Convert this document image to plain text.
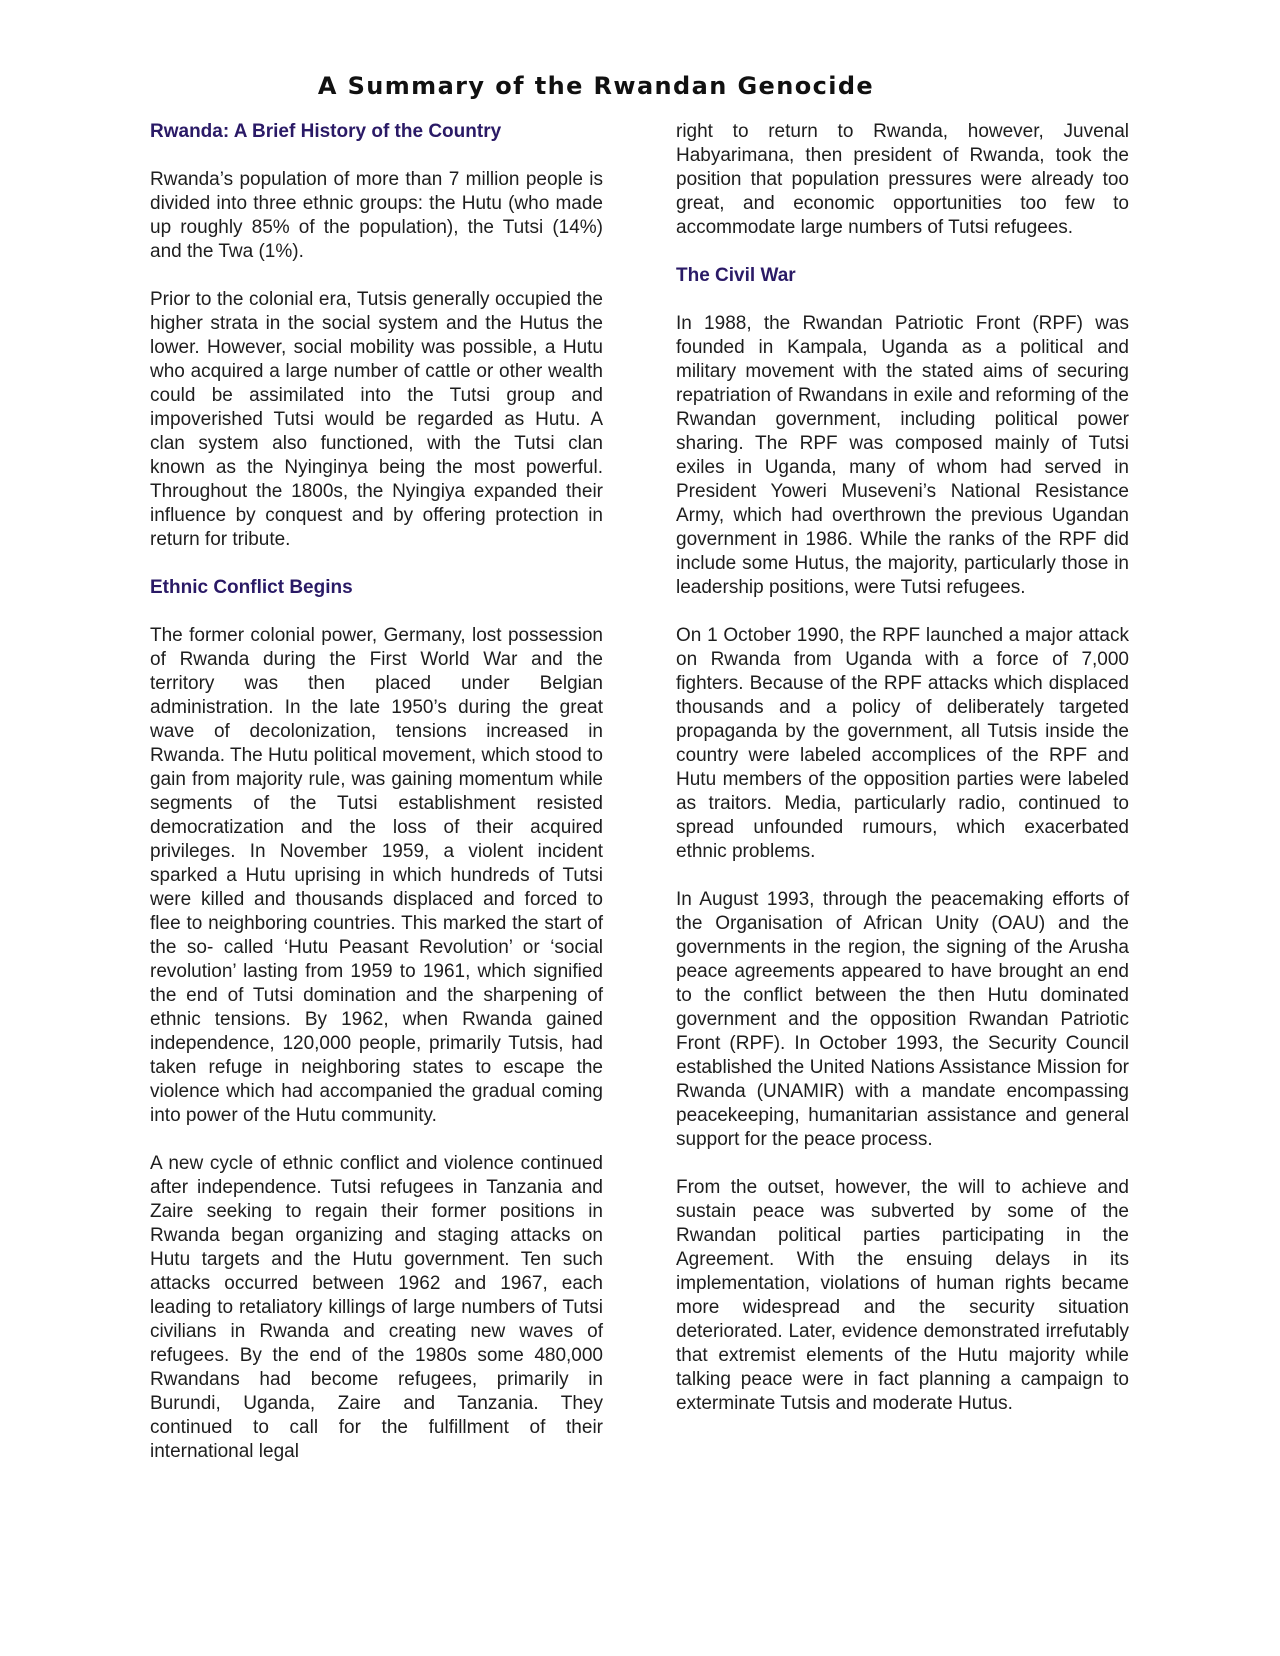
A Summary of the Rwandan Genocide
Rwanda: A Brief History of the Country

Rwanda’s population of more than 7 million people is divided into three ethnic groups: the Hutu (who made up roughly 85% of the population), the Tutsi (14%) and the Twa (1%).

Prior to the colonial era, Tutsis generally occupied the higher strata in the social system and the Hutus the lower. However, social mobility was possible, a Hutu who acquired a large number of cattle or other wealth could be assimilated into the Tutsi group and impoverished Tutsi would be regarded as Hutu. A clan system also functioned, with the Tutsi clan known as the Nyinginya being the most powerful. Throughout the 1800s, the Nyingiya expanded their influence by conquest and by offering protection in return for tribute.

Ethnic Conflict Begins

The former colonial power, Germany, lost possession of Rwanda during the First World War and the territory was then placed under Belgian administration. In the late 1950’s during the great wave of decolonization, tensions increased in Rwanda. The Hutu political movement, which stood to gain from majority rule, was gaining momentum while segments of the Tutsi establishment resisted democratization and the loss of their acquired privileges. In November 1959, a violent incident sparked a Hutu uprising in which hundreds of Tutsi were killed and thousands displaced and forced to flee to neighboring countries. This marked the start of the so- called ‘Hutu Peasant Revolution’ or ‘social revolution’ lasting from 1959 to 1961, which signified the end of Tutsi domination and the sharpening of ethnic tensions. By 1962, when Rwanda gained independence, 120,000 people, primarily Tutsis, had taken refuge in neighboring states to escape the violence which had accompanied the gradual coming into power of the Hutu community.

A new cycle of ethnic conflict and violence continued after independence. Tutsi refugees in Tanzania and Zaire seeking to regain their former positions in Rwanda began organizing and staging attacks on Hutu targets and the Hutu government. Ten such attacks occurred between 1962 and 1967, each leading to retaliatory killings of large numbers of Tutsi civilians in Rwanda and creating new waves of refugees. By the end of the 1980s some 480,000 Rwandans had become refugees, primarily in Burundi, Uganda, Zaire and Tanzania. They continued to call for the fulfillment of their international legal

right to return to Rwanda, however, Juvenal Habyarimana, then president of Rwanda, took the position that population pressures were already too great, and economic opportunities too few to accommodate large numbers of Tutsi refugees.

The Civil War

In 1988, the Rwandan Patriotic Front (RPF) was founded in Kampala, Uganda as a political and military movement with the stated aims of securing repatriation of Rwandans in exile and reforming of the Rwandan government, including political power sharing. The RPF was composed mainly of Tutsi exiles in Uganda, many of whom had served in President Yoweri Museveni’s National Resistance Army, which had overthrown the previous Ugandan government in 1986. While the ranks of the RPF did include some Hutus, the majority, particularly those in leadership positions, were Tutsi refugees.

On 1 October 1990, the RPF launched a major attack on Rwanda from Uganda with a force of 7,000 fighters. Because of the RPF attacks which displaced thousands and a policy of deliberately targeted propaganda by the government, all Tutsis inside the country were labeled accomplices of the RPF and Hutu members of the opposition parties were labeled as traitors. Media, particularly radio, continued to spread unfounded rumours, which exacerbated ethnic problems.

In August 1993, through the peacemaking efforts of the Organisation of African Unity (OAU) and the governments in the region, the signing of the Arusha peace agreements appeared to have brought an end to the conflict between the then Hutu dominated government and the opposition Rwandan Patriotic Front (RPF). In October 1993, the Security Council established the United Nations Assistance Mission for Rwanda (UNAMIR) with a mandate encompassing peacekeeping, humanitarian assistance and general support for the peace process.

From the outset, however, the will to achieve and sustain peace was subverted by some of the Rwandan political parties participating in the Agreement. With the ensuing delays in its implementation, violations of human rights became more widespread and the security situation deteriorated. Later, evidence demonstrated irrefutably that extremist elements of the Hutu majority while talking peace were in fact planning a campaign to exterminate Tutsis and moderate Hutus.
